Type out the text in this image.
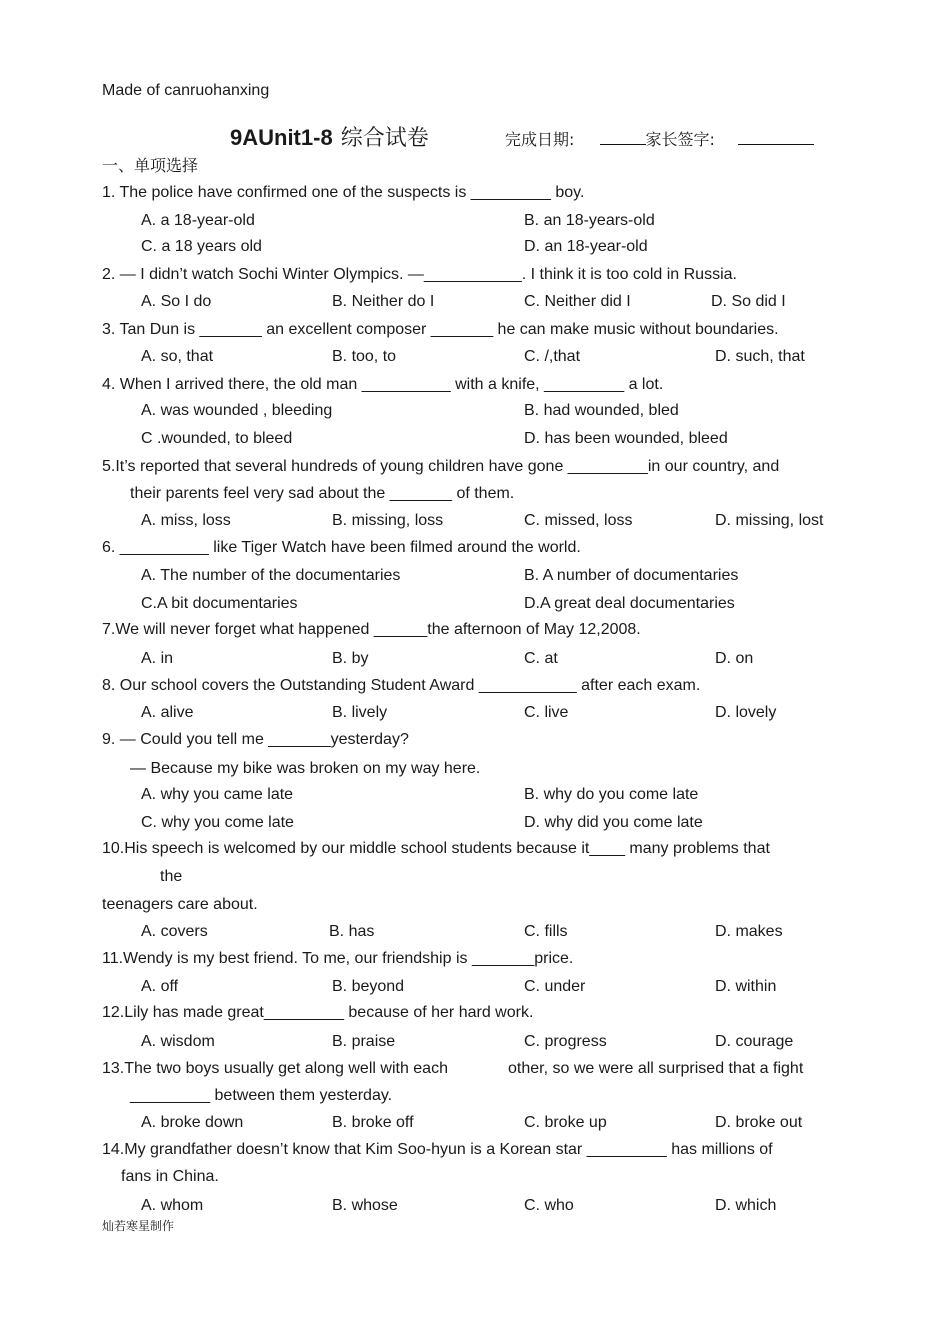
Made of canruohanxing
9AUnit1-8 综合试卷	完成日期:	家长签字:
一、单项选择
1. The police have confirmed one of the suspects is _________ boy.
A. a 18-year-old	B. an 18-years-old
C. a 18 years old	D. an 18-year-old
2. — I didn’t watch Sochi Winter Olympics. —___________. I think it is too cold in Russia.
A. So I do	B. Neither do I	C. Neither did I	D. So did I
3. Tan Dun is _______ an excellent composer _______ he can make music without boundaries.
A. so, that	B. too, to	C. /,that	D. such, that
4. When I arrived there, the old man __________ with a knife, _________ a lot.
A. was wounded , bleeding	B. had wounded, bled
C .wounded, to bleed	D. has been wounded, bleed
5.It’s reported that several hundreds of young children have gone _________in our country, and
their parents feel very sad about the _______ of them.
A. miss, loss	B. missing, loss	C. missed, loss	D. missing, lost
6. __________ like Tiger Watch have been filmed around the world.
A. The number of the documentaries	B. A number of documentaries
C.A bit documentaries	D.A great deal documentaries
7.We will never forget what happened ______the afternoon of May 12,2008.
A. in	B. by	C. at	D. on
8. Our school covers the Outstanding Student Award ___________ after each exam.
A. alive	B. lively	C. live	D. lovely
9. — Could you tell me _______yesterday?
— Because my bike was broken on my way here.
A. why you came late	B. why do you come late
C. why you come late	D. why did you come late
10.His speech is welcomed by our middle school students because it____ many problems that
the
teenagers care about.
A. covers	B. has	C. fills	D. makes
11.Wendy is my best friend. To me, our friendship is _______price.
A. off	B. beyond	C. under	D. within
12.Lily has made great_________ because of her hard work.
A. wisdom	B. praise	C. progress	D. courage
13.The two boys usually get along well with each	other, so we were all surprised that a fight
_________ between them yesterday.
A. broke down	B. broke off	C. broke up	D. broke out
14.My grandfather doesn’t know that Kim Soo-hyun is a Korean star _________ has millions of
fans in China.
A. whom	B. whose	C. who	D. which
灿若寒星制作
